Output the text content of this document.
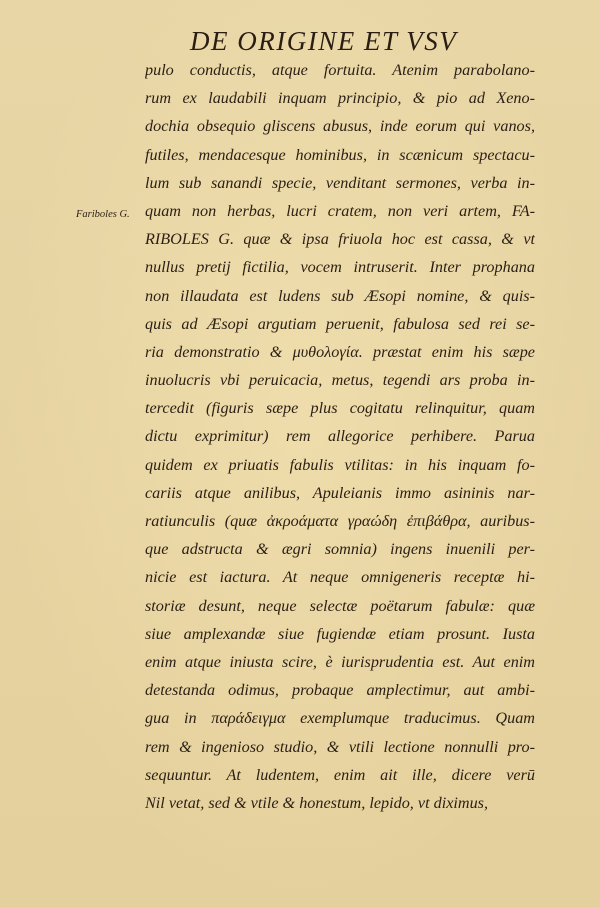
DE ORIGINE ET VSV
Fariboles G.
pulo conductis, atque fortuita. Atenim parabolano-
rum ex laudabili inquam principio, & pio ad Xeno-
dochia obsequio gliscens abusus, inde eorum qui vanos,
futiles, mendacesque hominibus, in scænicum spectacu-
lum sub sanandi specie, venditant sermones, verba in-
quam non herbas, lucri cratem, non veri artem, FA-
RIBOLES G. quæ & ipsa friuola hoc est cassa, & vt
nullus pretij fictilia, vocem intruserit. Inter prophana
non illaudata est ludens sub Æsopi nomine, & quis-
quis ad Æsopi argutiam peruenit, fabulosa sed rei se-
ria demonstratio & μυθολογία. præstat enim his sæpe
inuolucris vbi peruicacia, metus, tegendi ars proba in-
tercedit (figuris sæpe plus cogitatu relinquitur, quam
dictu exprimitur) rem allegorice perhibere. Parua
quidem ex priuatis fabulis vtilitas: in his inquam fo-
cariis atque anilibus, Apuleianis immo asininis nar-
ratiunculis (quæ ἀκροάματα γραώδη ἐπιβάθρα, auribus-
que adstructa & ægri somnia) ingens inuenili per-
nicie est iactura. At neque omnigeneris receptæ hi-
storiæ desunt, neque selectæ poëtarum fabulæ: quæ
siue amplexandæ siue fugiendæ etiam prosunt. Iusta
enim atque iniusta scire, è iurisprudentia est. Aut enim
detestanda odimus, probaque amplectimur, aut ambi-
gua in παράδειγμα exemplumque traducimus. Quam
rem & ingenioso studio, & vtili lectione nonnulli pro-
sequuntur. At ludentem, enim ait ille, dicere verū
Nil vetat, sed & vtile & honestum, lepido, vt diximus,
